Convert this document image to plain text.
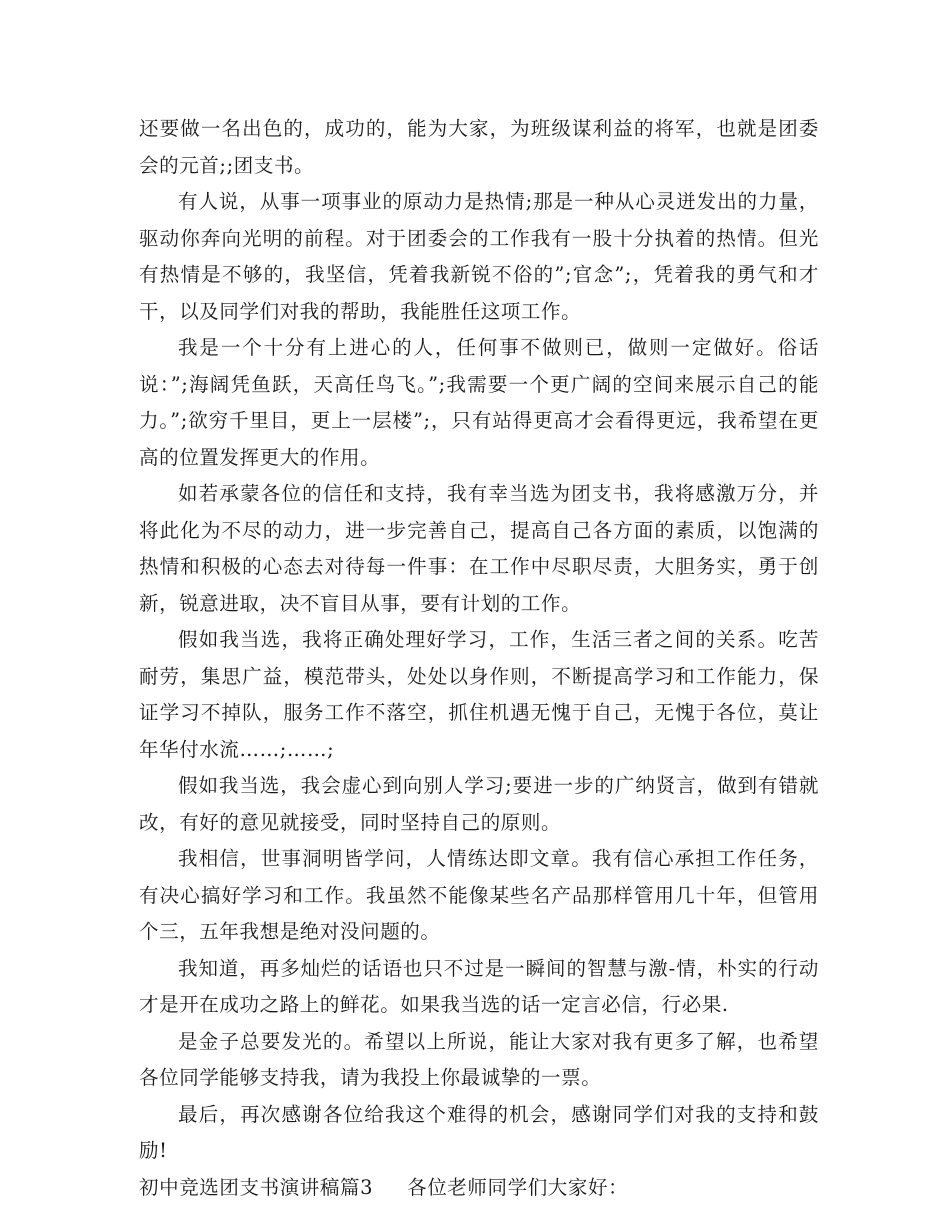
还要做一名出色的，成功的，能为大家，为班级谋利益的将军，也就是团委会的元首;;团支书。

有人说，从事一项事业的原动力是热情;那是一种从心灵迸发出的力量，驱动你奔向光明的前程。对于团委会的工作我有一股十分执着的热情。但光有热情是不够的，我坚信，凭着我新锐不俗的”;官念”;，凭着我的勇气和才干，以及同学们对我的帮助，我能胜任这项工作。

我是一个十分有上进心的人，任何事不做则已，做则一定做好。俗话说：”;海阔凭鱼跃，天高任鸟飞。”;我需要一个更广阔的空间来展示自己的能力。”;欲穷千里目，更上一层楼”;，只有站得更高才会看得更远，我希望在更高的位置发挥更大的作用。

如若承蒙各位的信任和支持，我有幸当选为团支书，我将感激万分，并将此化为不尽的动力，进一步完善自己，提高自己各方面的素质，以饱满的热情和积极的心态去对待每一件事：在工作中尽职尽责，大胆务实，勇于创新，锐意进取，决不盲目从事，要有计划的工作。

假如我当选，我将正确处理好学习，工作，生活三者之间的关系。吃苦耐劳，集思广益，模范带头，处处以身作则，不断提高学习和工作能力，保证学习不掉队，服务工作不落空，抓住机遇无愧于自己，无愧于各位，莫让年华付水流……;……;

假如我当选，我会虚心到向别人学习;要进一步的广纳贤言，做到有错就改，有好的意见就接受，同时坚持自己的原则。

我相信，世事洞明皆学问，人情练达即文章。我有信心承担工作任务，有决心搞好学习和工作。我虽然不能像某些名产品那样管用几十年，但管用个三，五年我想是绝对没问题的。

我知道，再多灿烂的话语也只不过是一瞬间的智慧与激-情，朴实的行动才是开在成功之路上的鲜花。如果我当选的话一定言必信，行必果.

是金子总要发光的。希望以上所说，能让大家对我有更多了解，也希望各位同学能够支持我，请为我投上你最诚挚的一票。

最后，再次感谢各位给我这个难得的机会，感谢同学们对我的支持和鼓励!

初中竞选团支书演讲稿篇3 各位老师同学们大家好：
